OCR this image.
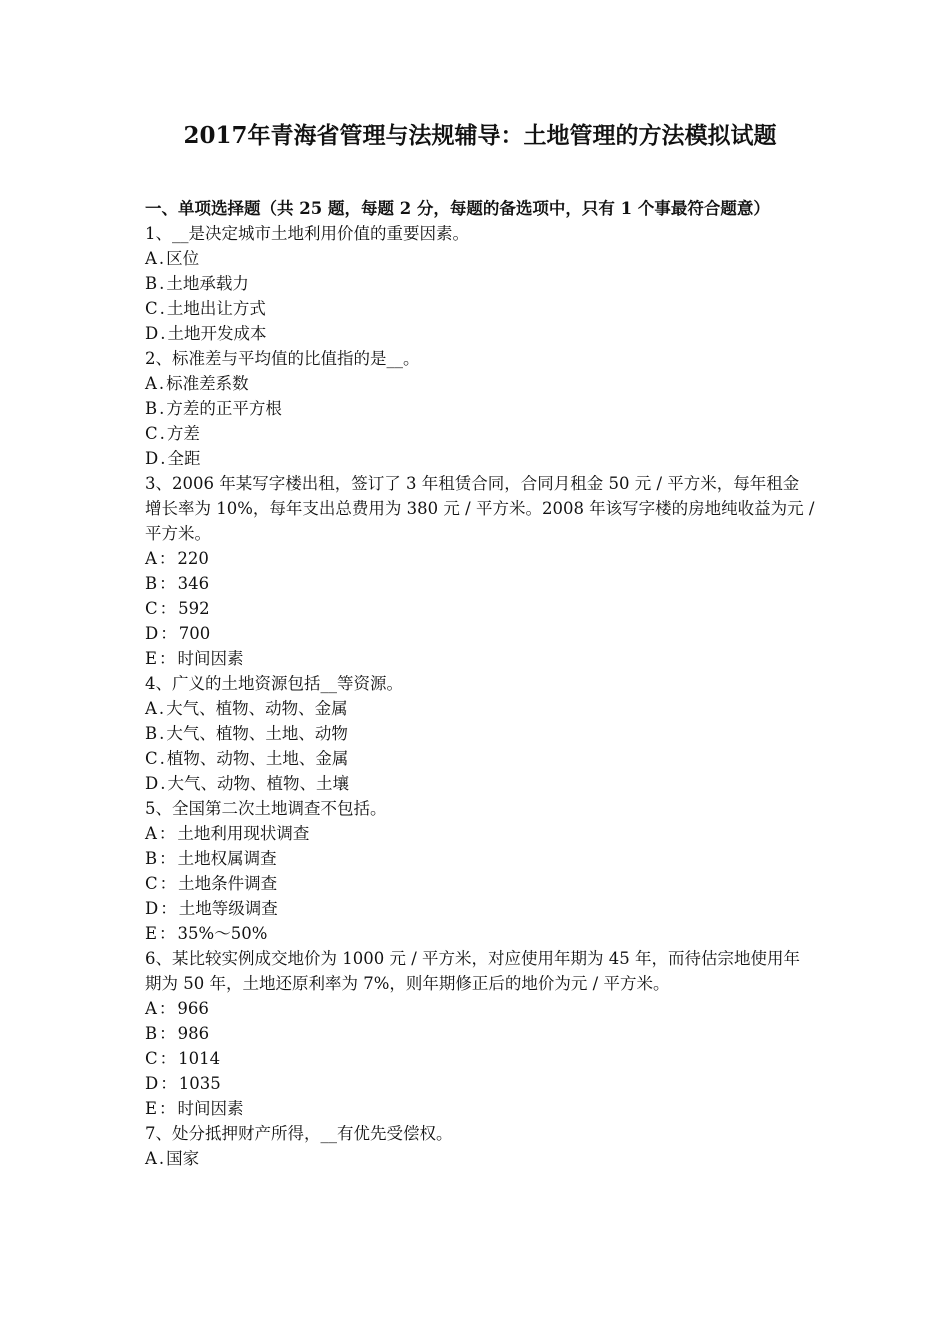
2017年青海省管理与法规辅导：土地管理的方法模拟试题
一、单项选择题（共 25 题，每题 2 分，每题的备选项中，只有 1 个事最符合题意）
1、__是决定城市土地利用价值的重要因素。
A . 区位
B . 土地承载力
C . 土地出让方式
D . 土地开发成本
2、标准差与平均值的比值指的是__。
A . 标准差系数
B . 方差的正平方根
C . 方差
D . 全距
3、2006 年某写字楼出租，签订了 3 年租赁合同，合同月租金 50 元 / 平方米，每年租金增长率为 10%，每年支出总费用为 380 元 / 平方米。2008 年该写字楼的房地纯收益为元 / 平方米。
A ： 220
B ： 346
C ： 592
D ： 700
E ： 时间因素
4、广义的土地资源包括__等资源。
A . 大气、植物、动物、金属
B . 大气、植物、土地、动物
C . 植物、动物、土地、金属
D . 大气、动物、植物、土壤
5、全国第二次土地调查不包括。
A ： 土地利用现状调查
B ： 土地权属调查
C ： 土地条件调查
D ： 土地等级调查
E ： 35%～50%
6、某比较实例成交地价为 1000 元 / 平方米，对应使用年期为 45 年，而待估宗地使用年期为 50 年，土地还原利率为 7%，则年期修正后的地价为元 / 平方米。
A ： 966
B ： 986
C ： 1014
D ： 1035
E ： 时间因素
7、处分抵押财产所得，__有优先受偿权。
A . 国家
